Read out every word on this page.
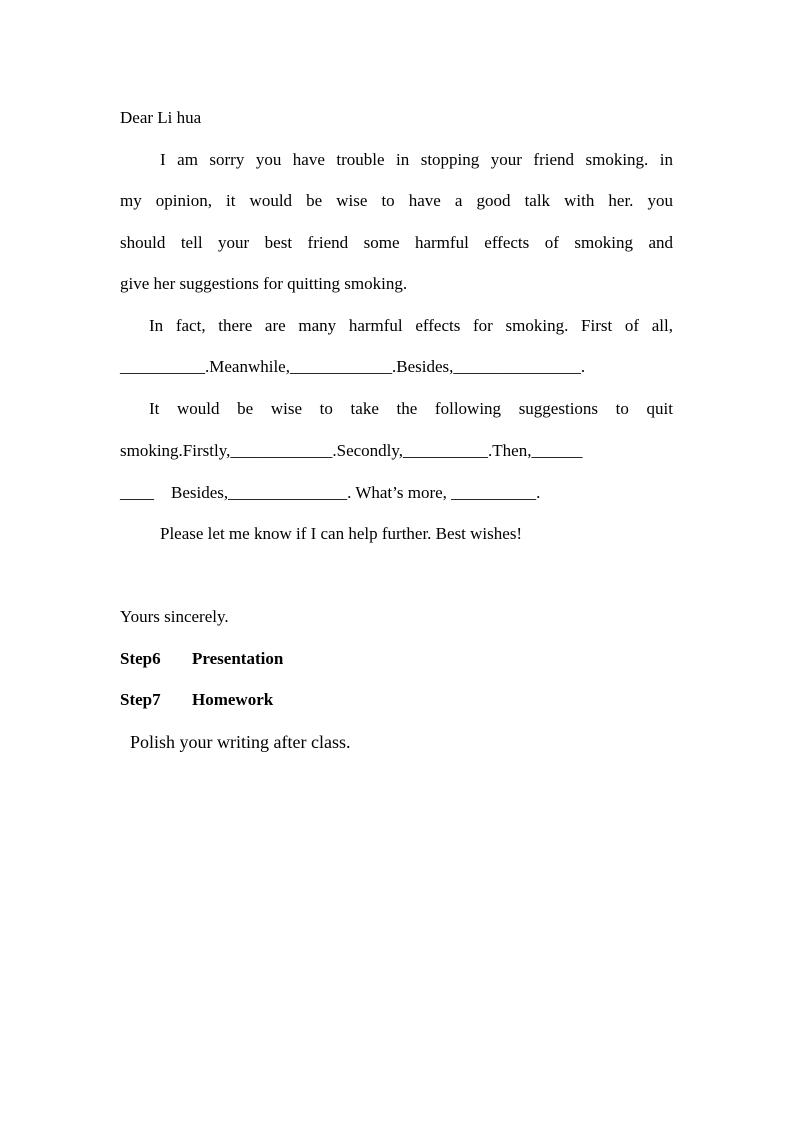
Dear Li hua
I am sorry you have trouble in stopping your friend smoking. in
my opinion, it would be wise to have a good talk with her. you
should tell your best friend some harmful effects of smoking and
give her suggestions for quitting smoking.
In fact, there are many harmful effects for smoking. First of all,
__________.Meanwhile,____________.Besides,_______________.
It would be wise to take the following suggestions to quit
smoking.Firstly,____________.Secondly,__________.Then,______
____    Besides,______________. What’s more, __________.
Please let me know if I can help further. Best wishes!
Yours sincerely.
Step6 Presentation
Step7 Homework
Polish your writing after class.
